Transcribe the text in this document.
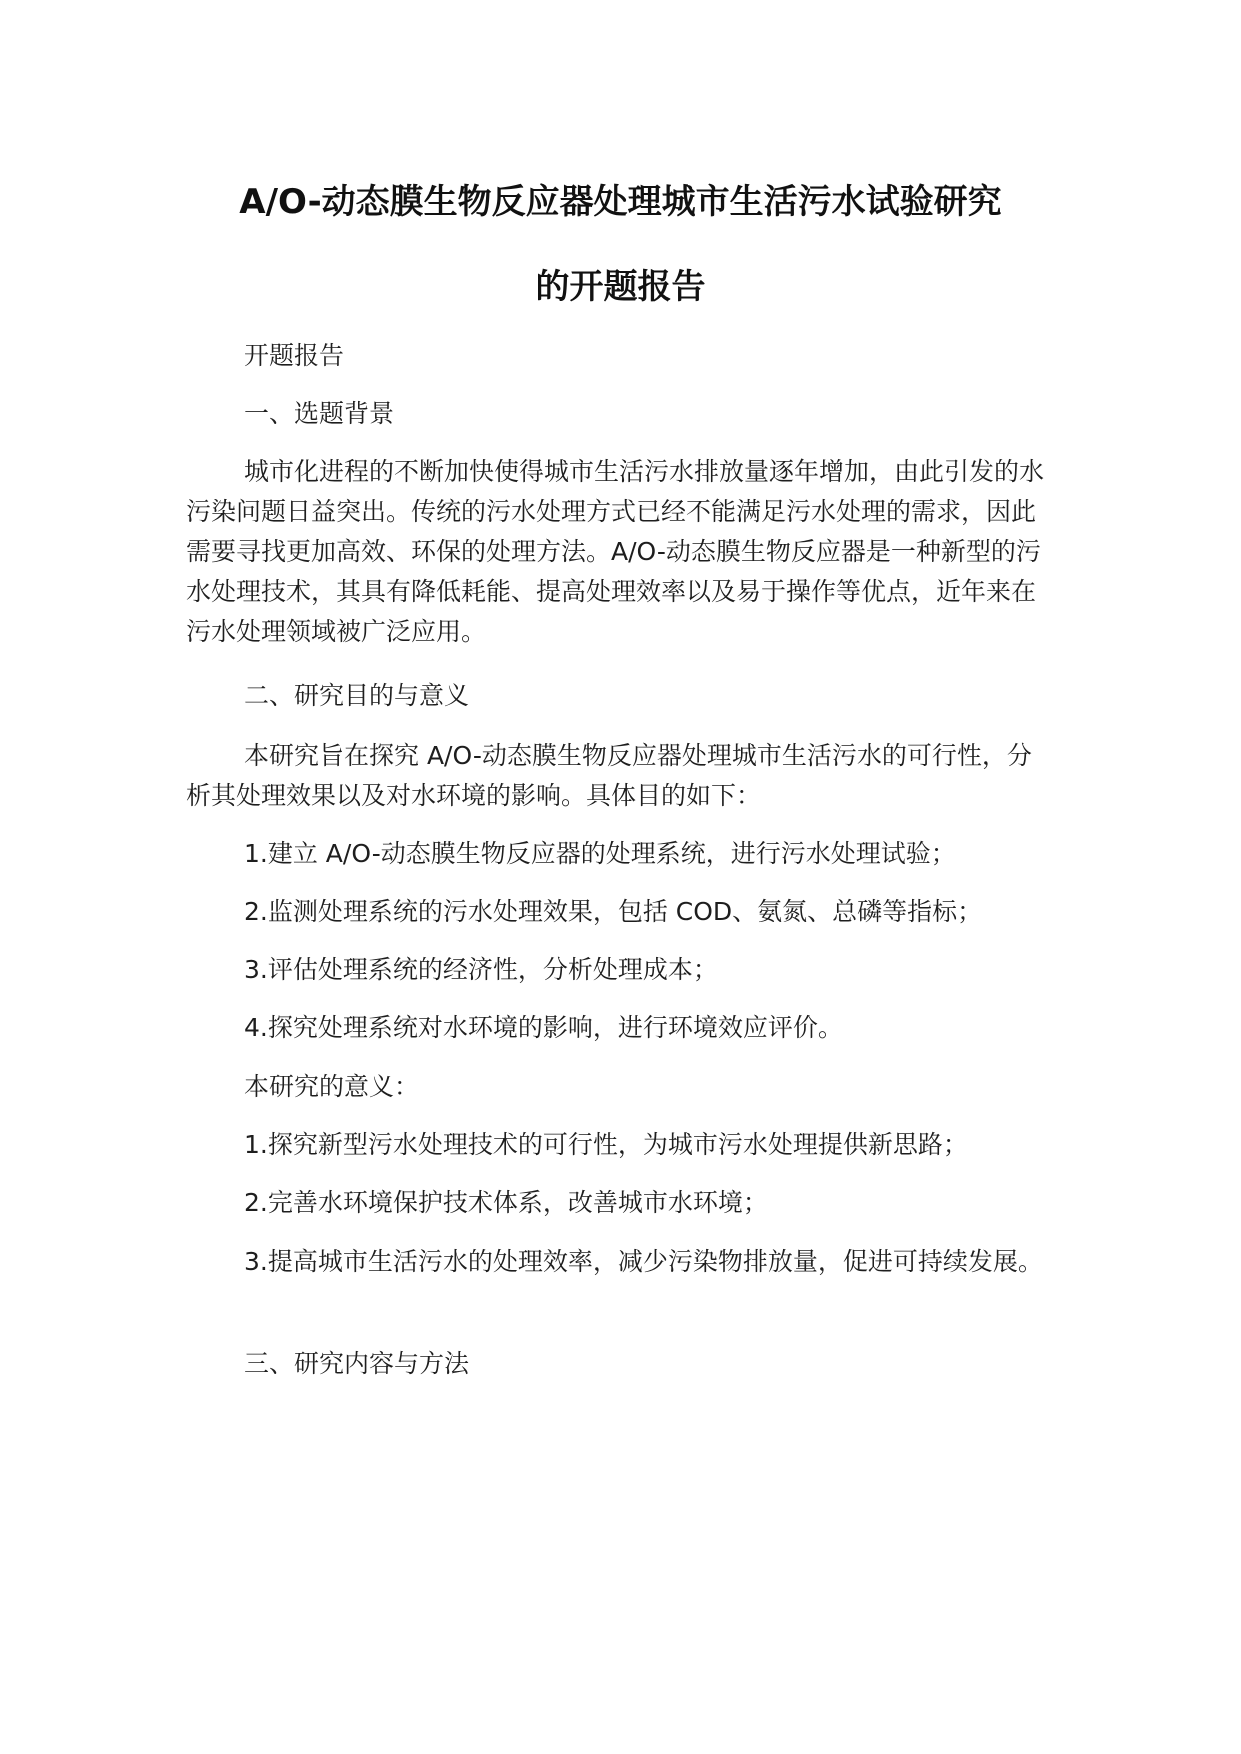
A/O-动态膜生物反应器处理城市生活污水试验研究
的开题报告
开题报告
一、选题背景
城市化进程的不断加快使得城市生活污水排放量逐年增加，由此引发的水污染问题日益突出。传统的污水处理方式已经不能满足污水处理的需求，因此需要寻找更加高效、环保的处理方法。A/O-动态膜生物反应器是一种新型的污水处理技术，其具有降低耗能、提高处理效率以及易于操作等优点，近年来在污水处理领域被广泛应用。
二、研究目的与意义
本研究旨在探究 A/O-动态膜生物反应器处理城市生活污水的可行性，分析其处理效果以及对水环境的影响。具体目的如下：
1.建立 A/O-动态膜生物反应器的处理系统，进行污水处理试验；
2.监测处理系统的污水处理效果，包括 COD、氨氮、总磷等指标；
3.评估处理系统的经济性，分析处理成本；
4.探究处理系统对水环境的影响，进行环境效应评价。
本研究的意义：
1.探究新型污水处理技术的可行性，为城市污水处理提供新思路；
2.完善水环境保护技术体系，改善城市水环境；
3.提高城市生活污水的处理效率，减少污染物排放量，促进可持续发展。
三、研究内容与方法
